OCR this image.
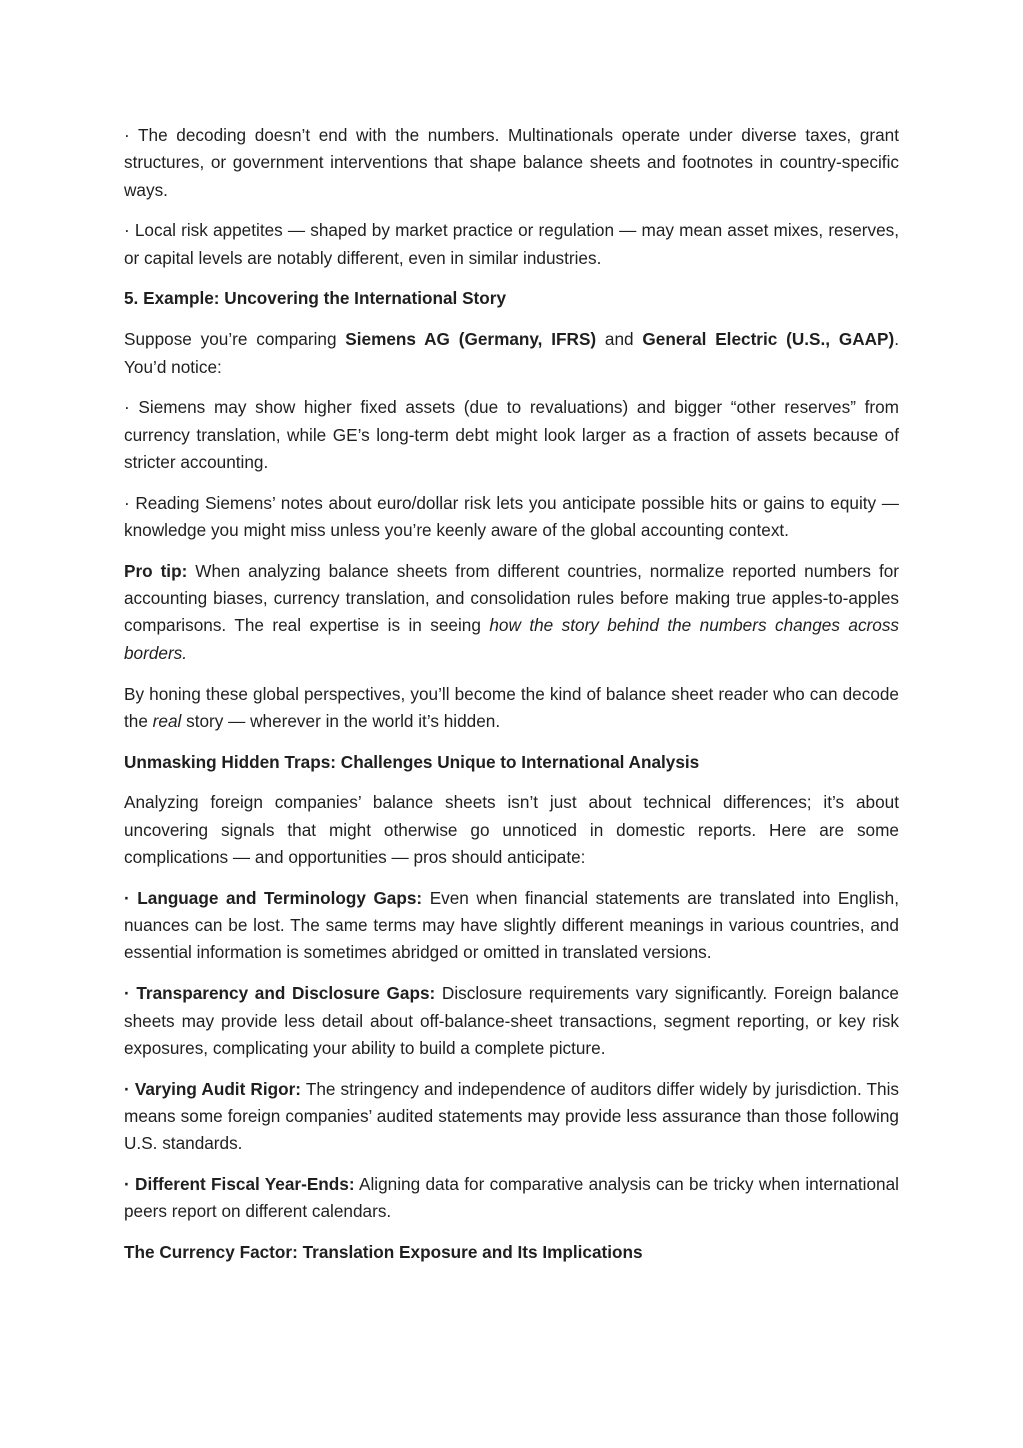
· The decoding doesn’t end with the numbers. Multinationals operate under diverse taxes, grant structures, or government interventions that shape balance sheets and footnotes in country-specific ways.

· Local risk appetites — shaped by market practice or regulation — may mean asset mixes, reserves, or capital levels are notably different, even in similar industries.

5. Example: Uncovering the International Story

Suppose you’re comparing Siemens AG (Germany, IFRS) and General Electric (U.S., GAAP). You’d notice:

· Siemens may show higher fixed assets (due to revaluations) and bigger “other reserves” from currency translation, while GE’s long-term debt might look larger as a fraction of assets because of stricter accounting.

· Reading Siemens’ notes about euro/dollar risk lets you anticipate possible hits or gains to equity — knowledge you might miss unless you’re keenly aware of the global accounting context.

Pro tip: When analyzing balance sheets from different countries, normalize reported numbers for accounting biases, currency translation, and consolidation rules before making true apples-to-apples comparisons. The real expertise is in seeing how the story behind the numbers changes across borders.

By honing these global perspectives, you’ll become the kind of balance sheet reader who can decode the real story — wherever in the world it’s hidden.

Unmasking Hidden Traps: Challenges Unique to International Analysis

Analyzing foreign companies’ balance sheets isn’t just about technical differences; it’s about uncovering signals that might otherwise go unnoticed in domestic reports. Here are some complications — and opportunities — pros should anticipate:

· Language and Terminology Gaps: Even when financial statements are translated into English, nuances can be lost. The same terms may have slightly different meanings in various countries, and essential information is sometimes abridged or omitted in translated versions.

· Transparency and Disclosure Gaps: Disclosure requirements vary significantly. Foreign balance sheets may provide less detail about off-balance-sheet transactions, segment reporting, or key risk exposures, complicating your ability to build a complete picture.

· Varying Audit Rigor: The stringency and independence of auditors differ widely by jurisdiction. This means some foreign companies’ audited statements may provide less assurance than those following U.S. standards.

· Different Fiscal Year-Ends: Aligning data for comparative analysis can be tricky when international peers report on different calendars.

The Currency Factor: Translation Exposure and Its Implications
